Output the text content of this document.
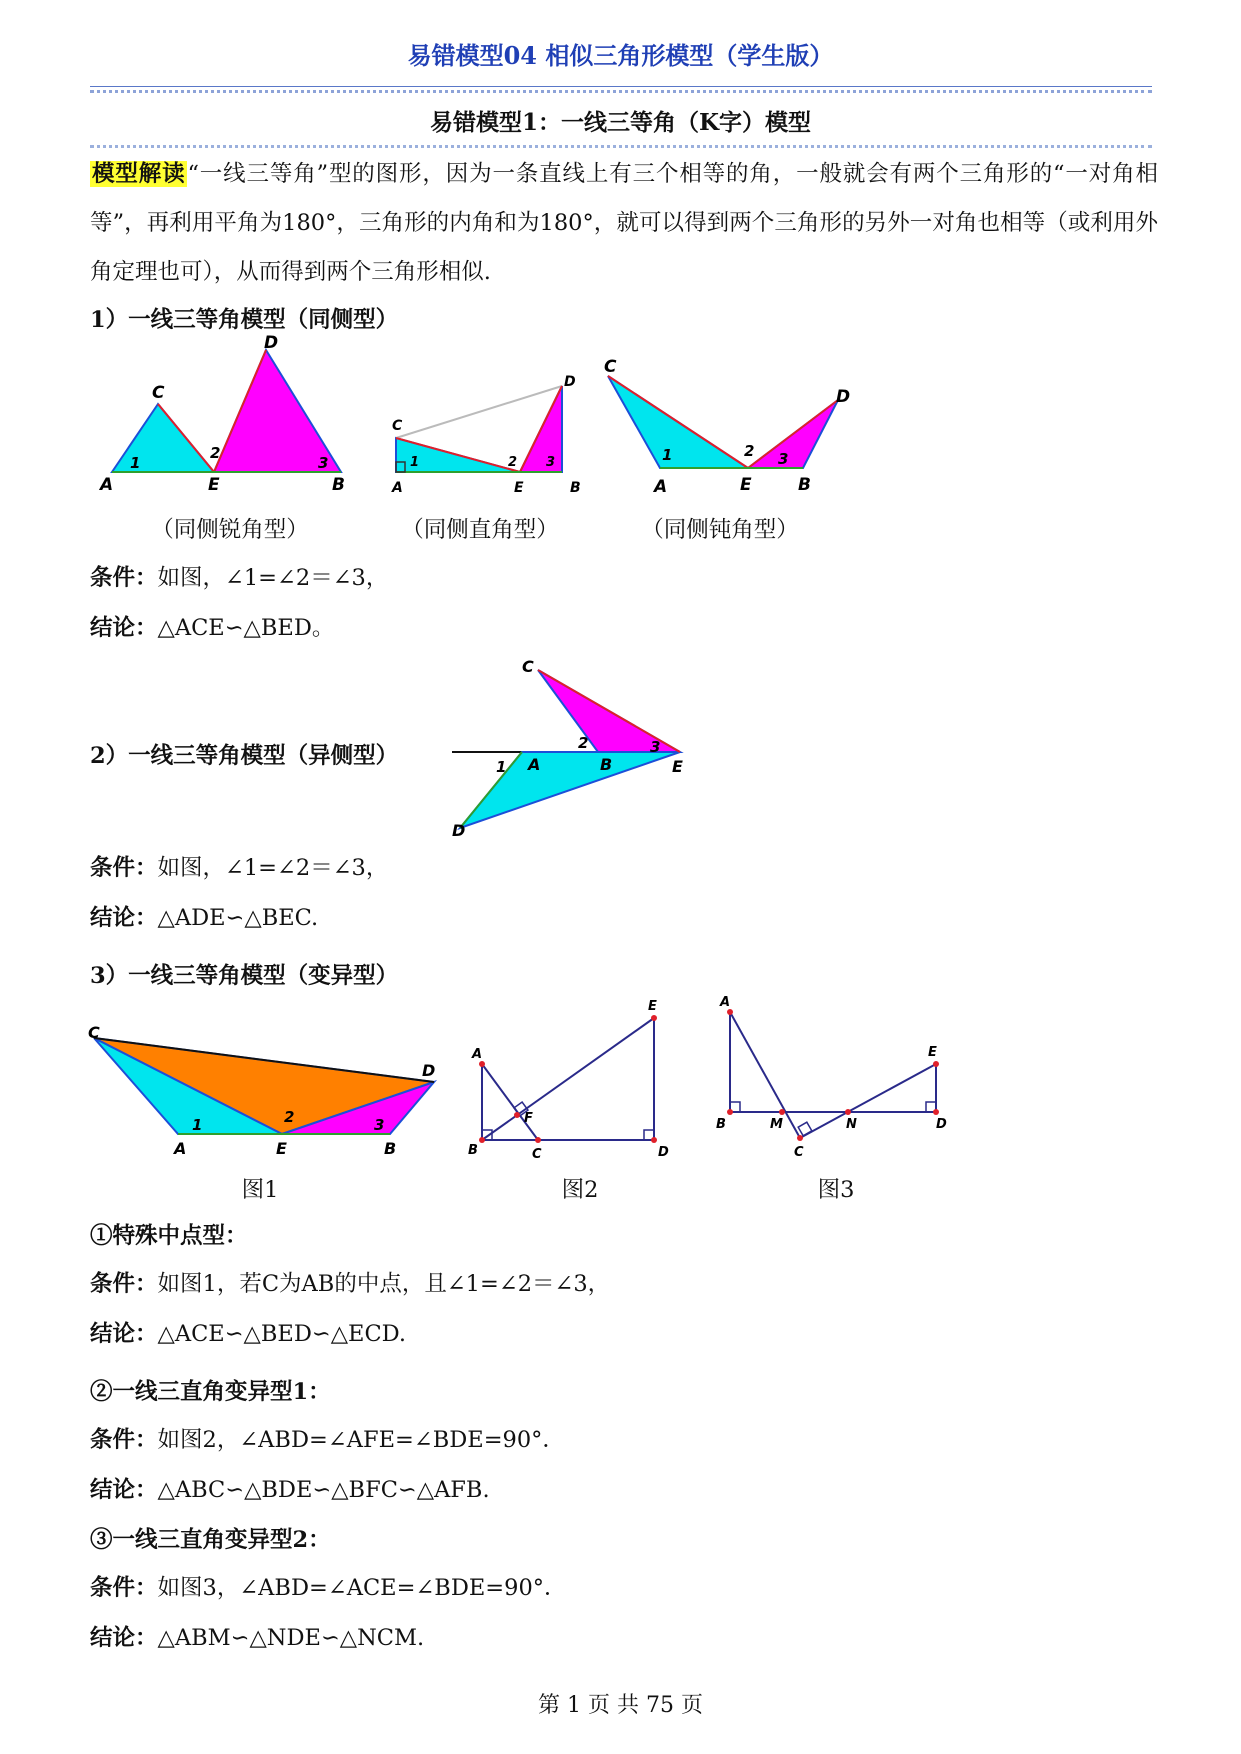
易错模型04 相似三角形模型（学生版）
易错模型1：一线三等角（K字）模型
模型解读“一线三等角”型的图形，因为一条直线上有三个相等的角，一般就会有两个三角形的“一对角相等”，再利用平角为180°，三角形的内角和为180°，就可以得到两个三角形的另外一对角也相等（或利用外角定理也可），从而得到两个三角形相似.
1）一线三等角模型（同侧型）
A
C
E
D
B
1
2
3
C
D
A	E	B
1	2 3
C
D
A	E	B
1	2 3
（同侧锐角型）	（同侧直角型）	（同侧钝角型）
条件：如图，∠1=∠2＝∠3，
结论：△ACE∽△BED。
2）一线三等角模型（异侧型）
C
A	B	E
D
1
2	3
条件：如图，∠1=∠2＝∠3，
结论：△ADE∽△BEC.
3）一线三等角模型（变异型）
C
D
A	E	B
1	2	3
A
B	C	D
E
F
A
B	M	N	D
E
C
图1	图2	图3
①特殊中点型：
条件：如图1，若C为AB的中点，且∠1=∠2＝∠3，
结论：△ACE∽△BED∽△ECD.
②一线三直角变异型1：
条件：如图2，∠ABD=∠AFE=∠BDE=90°．
结论：△ABC∽△BDE∽△BFC∽△AFB.
③一线三直角变异型2：
条件：如图3，∠ABD=∠ACE=∠BDE=90°．
结论：△ABM∽△NDE∽△NCM.
第 1 页 共 75 页
